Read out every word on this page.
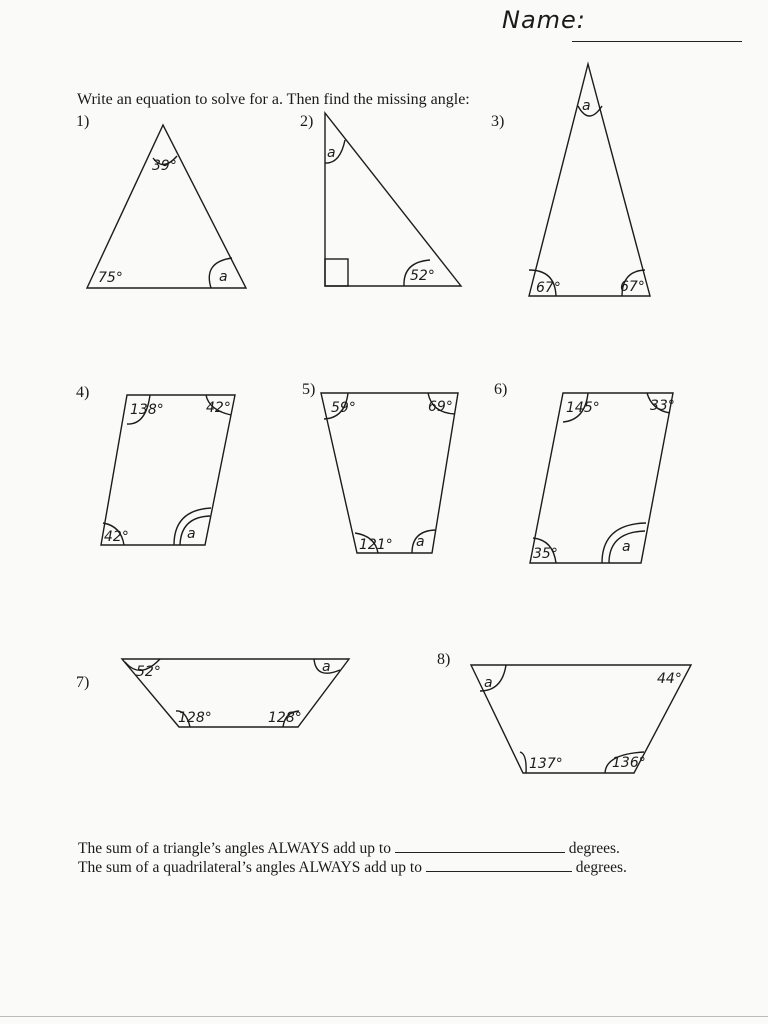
Name:
Write an equation to solve for a. Then find the missing angle:
1)	2)	3)
4)	5)	6)
7)
8)
39°
75°	a
a
52°
a
67°	67°
138°	42°
42°	a
59°	69°
121° a
145°	33°
35°	a
52°	a
128°	128°
a	44°
137°	136°
The sum of a triangle’s angles ALWAYS add up to	degrees.
The sum of a quadrilateral’s angles ALWAYS add up to	degrees.
